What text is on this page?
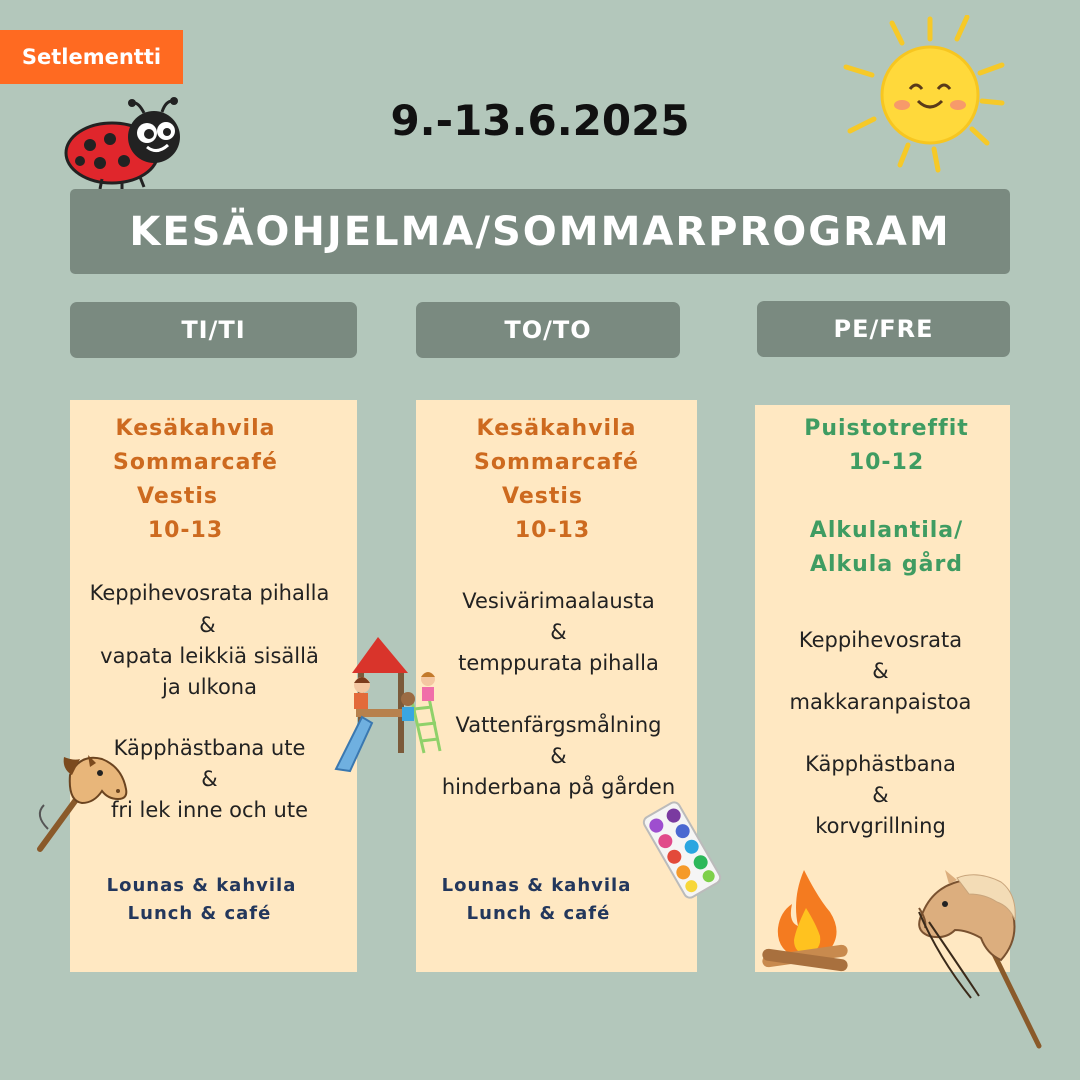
Setlementti
9.-13.6.2025
KESÄOHJELMA/SOMMARPROGRAM
TI/TI	TO/TO	PE/FRE
Kesäkahvila
Sommarcafé
Vestis
10-13
Keppihevosrata pihalla
&
vapata leikkiä sisällä
ja ulkona
Käpphästbana ute
&
fri lek inne och ute
Lounas & kahvila
Lunch & café
Kesäkahvila
Sommarcafé
Vestis
10-13
Vesivärimaalausta
&
temppurata pihalla
Vattenfärgsmålning
&
hinderbana på gården
Lounas & kahvila
Lunch & café
Puistotreffit
10-12
Alkulantila/
Alkula gård
Keppihevosrata
&
makkaranpaistoa
Käpphästbana
&
korvgrillning
